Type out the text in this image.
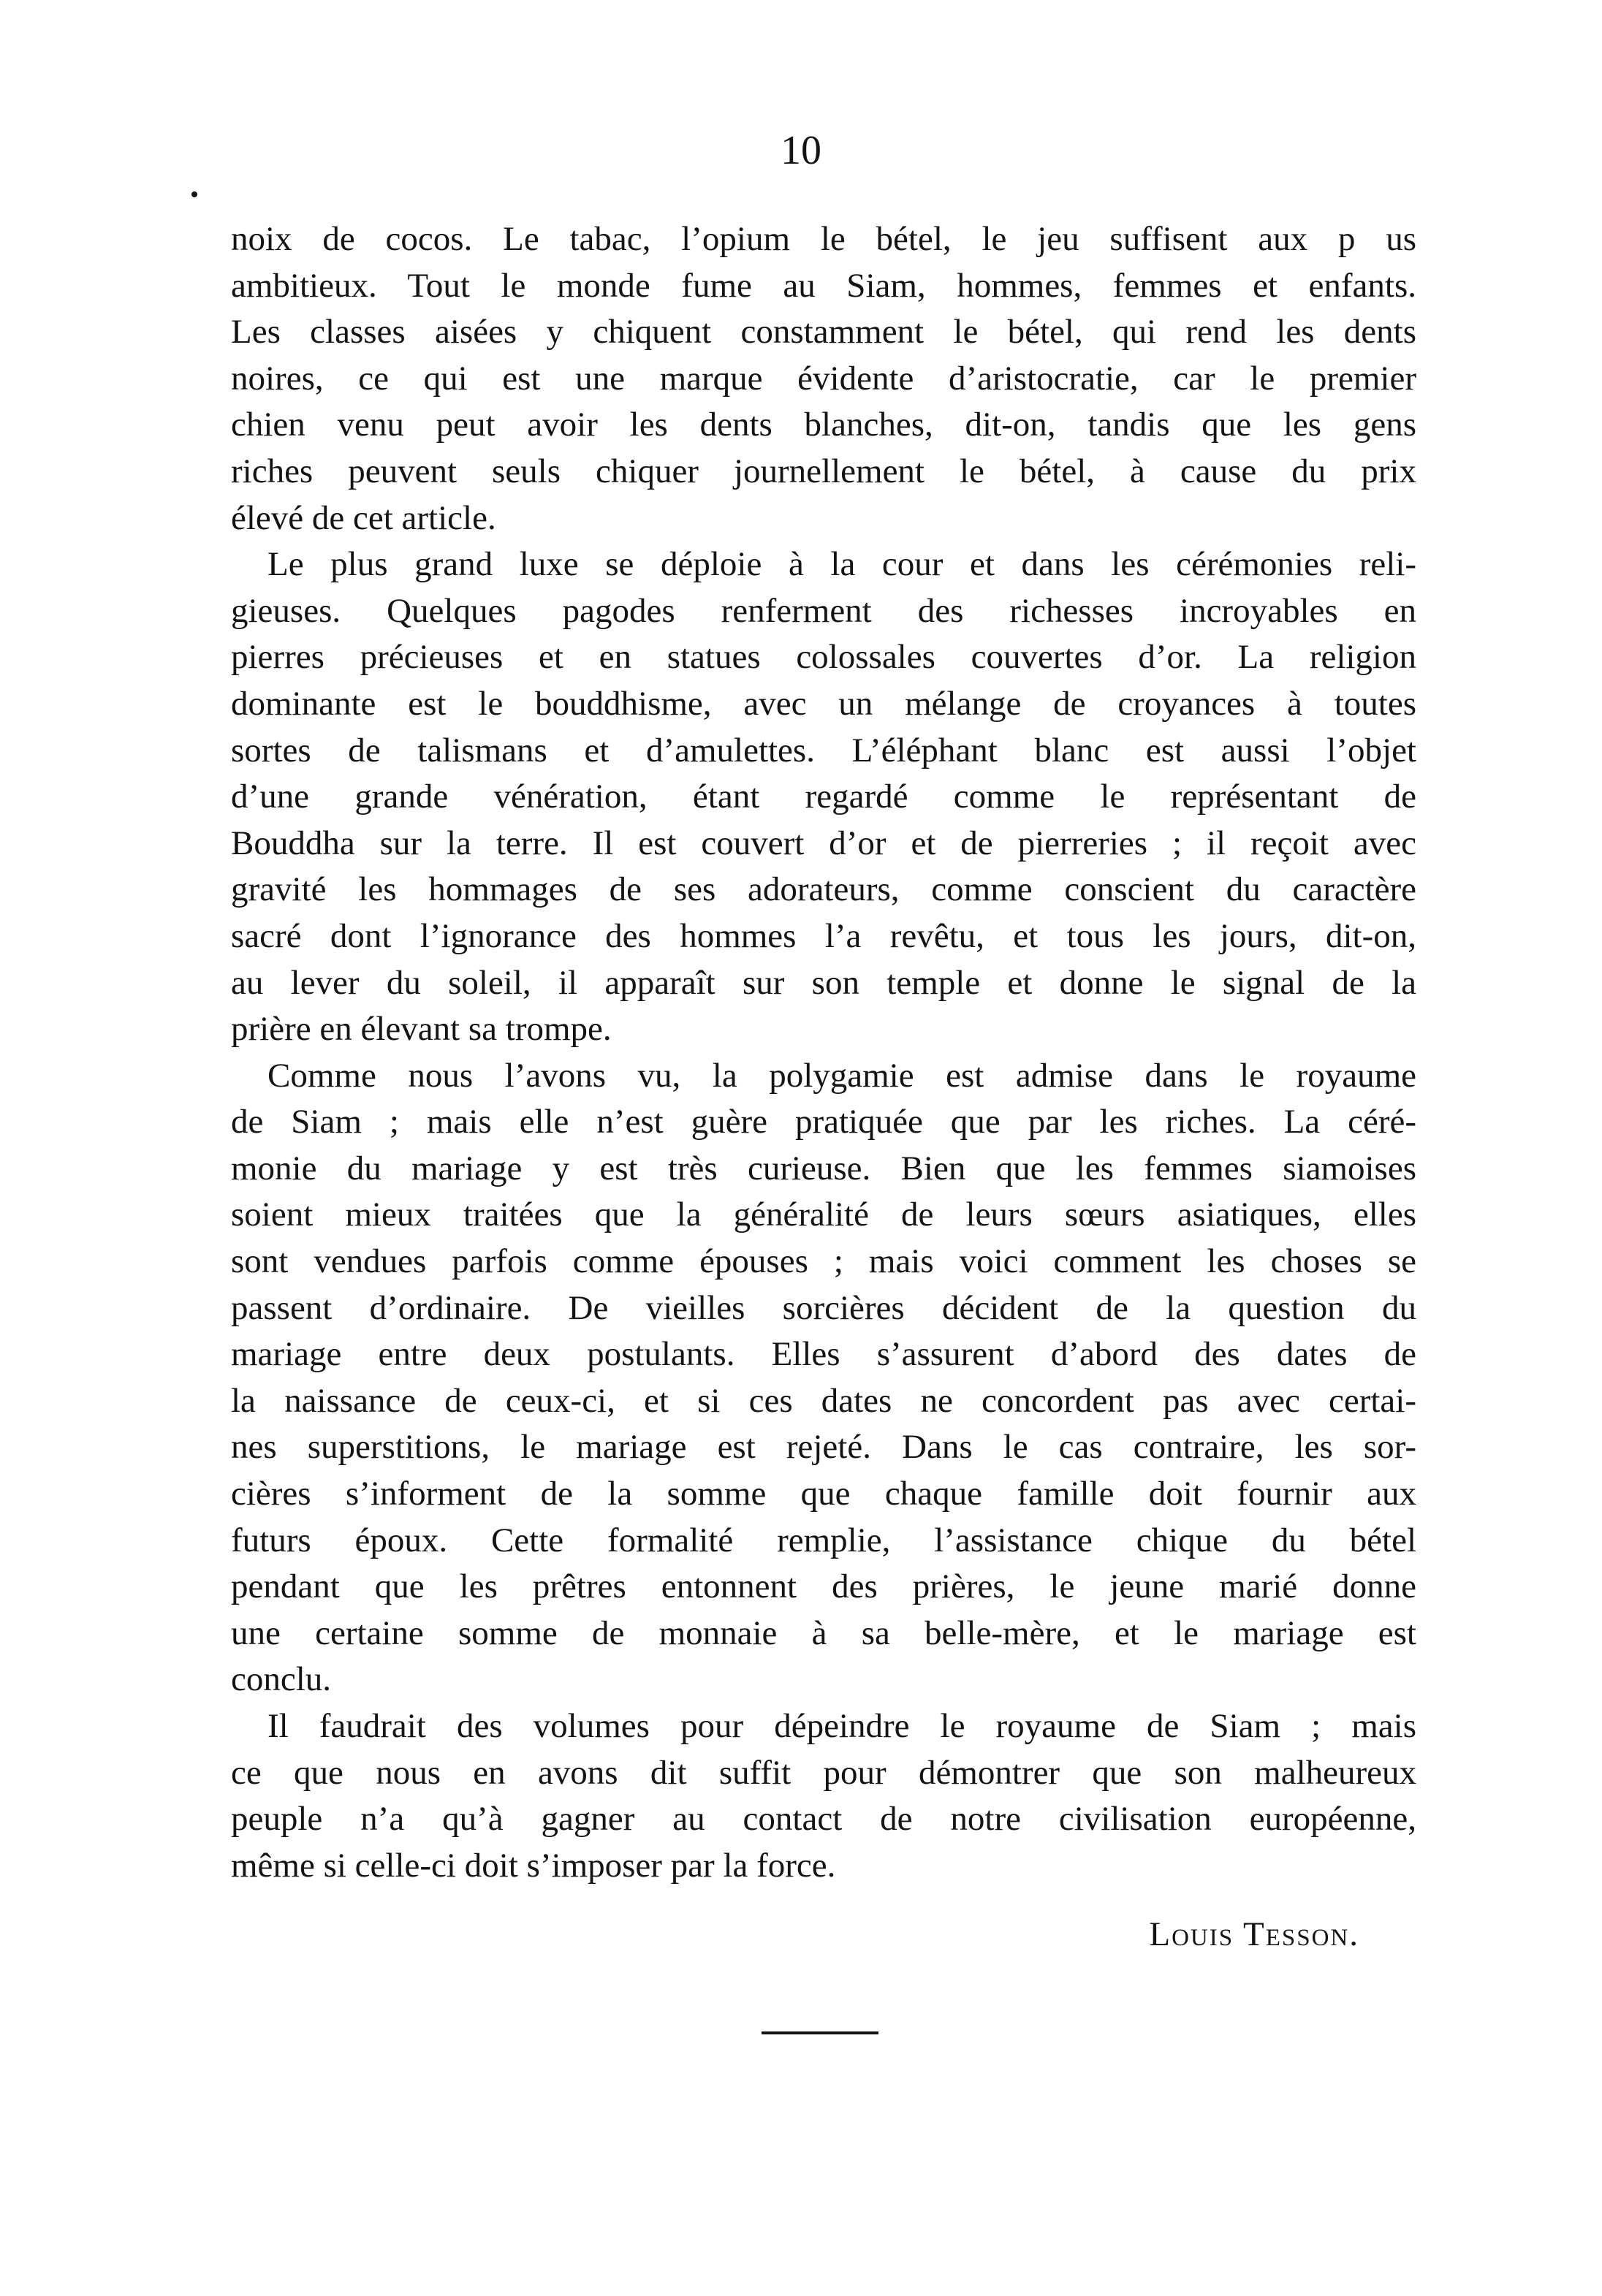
10

noix de cocos. Le tabac, l’opium le bétel, le jeu suffisent aux p us
ambitieux. Tout le monde fume au Siam, hommes, femmes et enfants.
Les classes aisées y chiquent constamment le bétel, qui rend les dents
noires, ce qui est une marque évidente d’aristocratie, car le premier
chien venu peut avoir les dents blanches, dit-on, tandis que les gens
riches peuvent seuls chiquer journellement le bétel, à cause du prix
élevé de cet article.

Le plus grand luxe se déploie à la cour et dans les cérémonies reli-
gieuses. Quelques pagodes renferment des richesses incroyables en
pierres précieuses et en statues colossales couvertes d’or. La religion
dominante est le bouddhisme, avec un mélange de croyances à toutes
sortes de talismans et d’amulettes. L’éléphant blanc est aussi l’objet
d’une grande vénération, étant regardé comme le représentant de
Bouddha sur la terre. Il est couvert d’or et de pierreries ; il reçoit avec
gravité les hommages de ses adorateurs, comme conscient du caractère
sacré dont l’ignorance des hommes l’a revêtu, et tous les jours, dit-on,
au lever du soleil, il apparaît sur son temple et donne le signal de la
prière en élevant sa trompe.

Comme nous l’avons vu, la polygamie est admise dans le royaume
de Siam ; mais elle n’est guère pratiquée que par les riches. La céré-
monie du mariage y est très curieuse. Bien que les femmes siamoises
soient mieux traitées que la généralité de leurs sœurs asiatiques, elles
sont vendues parfois comme épouses ; mais voici comment les choses se
passent d’ordinaire. De vieilles sorcières décident de la question du
mariage entre deux postulants. Elles s’assurent d’abord des dates de
la naissance de ceux-ci, et si ces dates ne concordent pas avec certai-
nes superstitions, le mariage est rejeté. Dans le cas contraire, les sor-
cières s’informent de la somme que chaque famille doit fournir aux
futurs époux. Cette formalité remplie, l’assistance chique du bétel
pendant que les prêtres entonnent des prières, le jeune marié donne
une certaine somme de monnaie à sa belle-mère, et le mariage est
conclu.

Il faudrait des volumes pour dépeindre le royaume de Siam ; mais
ce que nous en avons dit suffit pour démontrer que son malheureux
peuple n’a qu’à gagner au contact de notre civilisation européenne,
même si celle-ci doit s’imposer par la force.

Louis Tesson.
